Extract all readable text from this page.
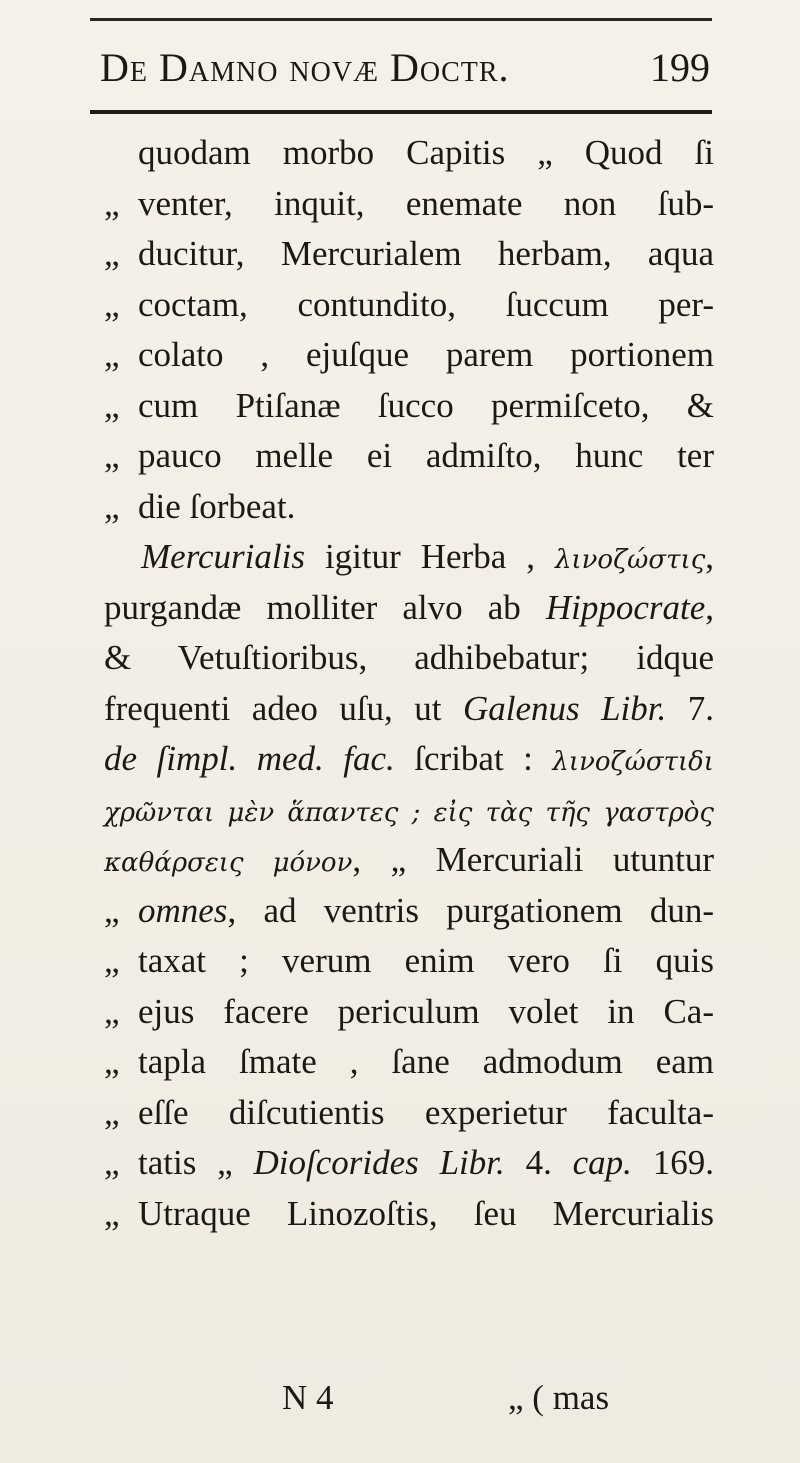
De Damno novæ Doctr.	199
quodam morbo Capitis „ Quod ſi
„ venter, inquit, enemate non ſub-
„ ducitur, Mercurialem herbam, aqua
„ coctam, contundito, ſuccum per-
„ colato , ejuſque parem portionem
„ cum Ptiſanæ ſucco permiſceto, &
„ pauco melle ei admiſto, hunc ter
„ die ſorbeat.
Mercurialis igitur Herba , λινοζώστις,
purgandæ molliter alvo ab Hippocrate,
& Vetuſtioribus, adhibebatur; idque
frequenti adeo uſu, ut Galenus Libr. 7.
de ſimpl. med. fac. ſcribat : λινοζώστιδι
χρῶνται μὲν ἅπαντες ; εἰς τὰς τῆς γαστρὸς
καθάρσεις μόνον, „ Mercuriali utuntur
„ omnes, ad ventris purgationem dun-
„ taxat ; verum enim vero ſi quis
„ ejus facere periculum volet in Ca-
„ tapla ſmate , ſane admodum eam
„ eſſe diſcutientis experietur faculta-
„ tatis „ Dioſcorides Libr. 4. cap. 169.
„ Utraque Linozoſtis, ſeu Mercurialis
N 4	„ ( mas
